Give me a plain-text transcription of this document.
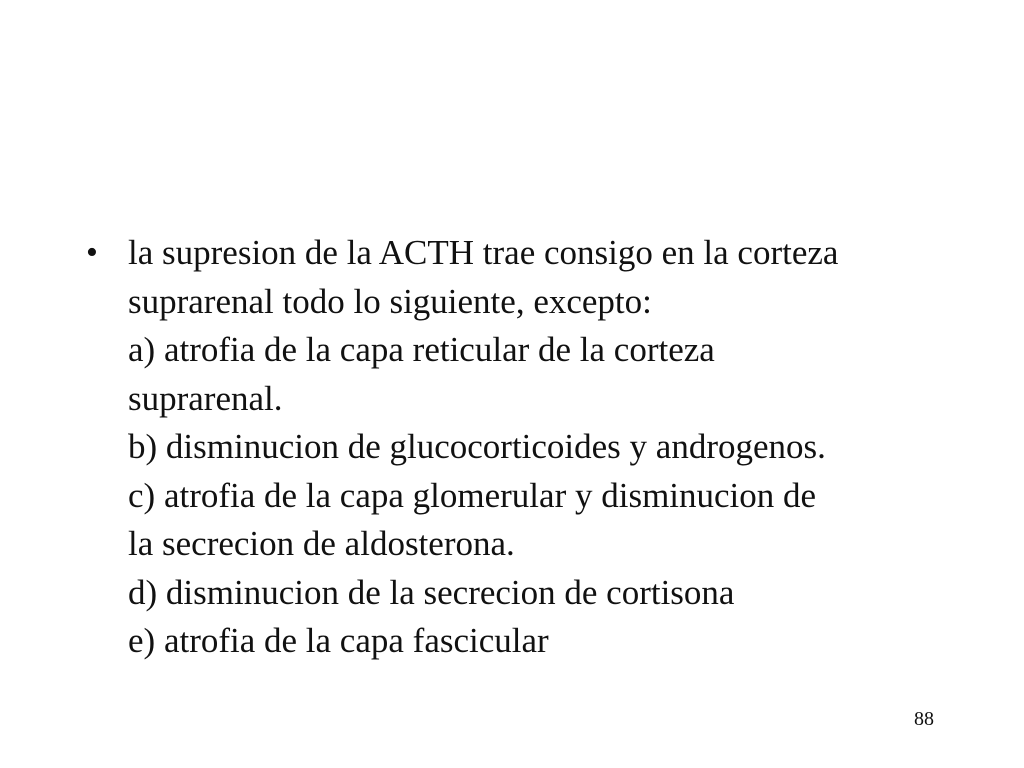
• la supresion de la ACTH trae consigo en la corteza
suprarenal todo lo siguiente, excepto:
a) atrofia de la capa reticular de la corteza
suprarenal.
b) disminucion de glucocorticoides y androgenos.
c) atrofia de la capa glomerular y disminucion de
la secrecion de aldosterona.
d) disminucion de la secrecion de cortisona
e) atrofia de la capa fascicular
88
